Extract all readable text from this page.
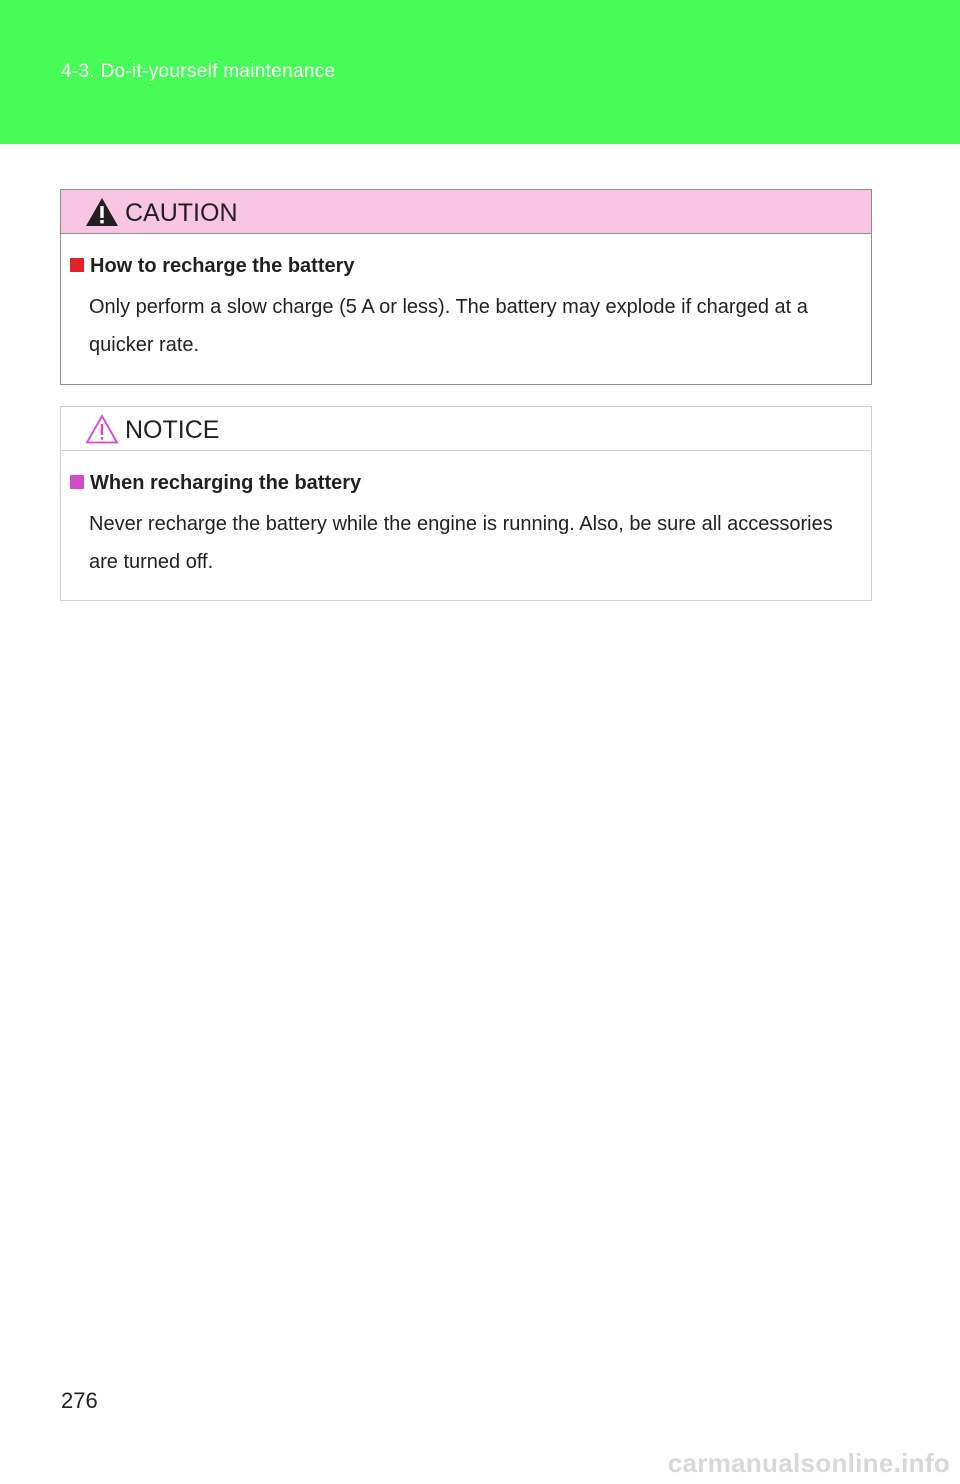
4-3. Do-it-yourself maintenance
CAUTION
How to recharge the battery
Only perform a slow charge (5 A or less). The battery may explode if charged at a quicker rate.
NOTICE
When recharging the battery
Never recharge the battery while the engine is running. Also, be sure all accessories are turned off.
276
carmanualsonline.info
